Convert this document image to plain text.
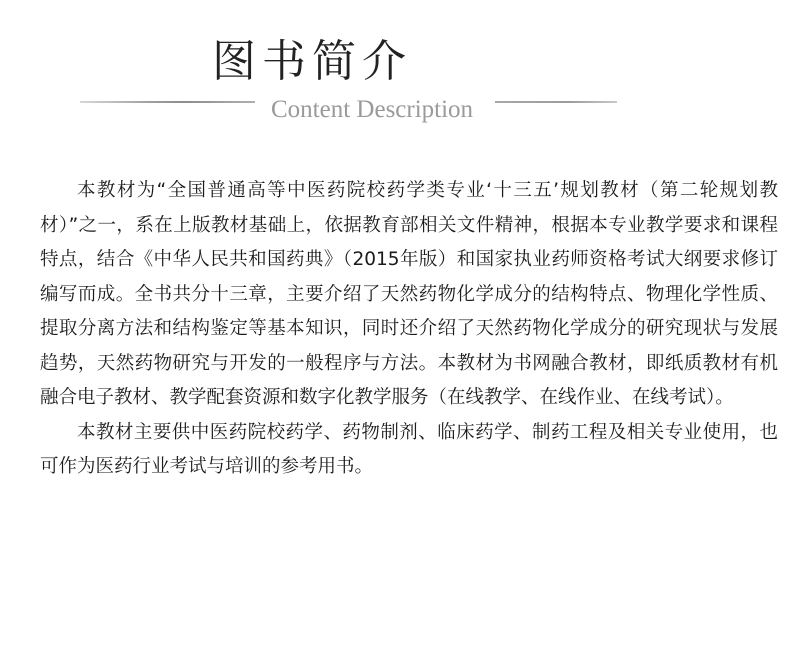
图书简介
Content Description

本教材为“全国普通高等中医药院校药学类专业‘十三五’规划教材（第二轮规划教材）”之一，系在上版教材基础上，依据教育部相关文件精神，根据本专业教学要求和课程特点，结合《中华人民共和国药典》（2015年版）和国家执业药师资格考试大纲要求修订编写而成。全书共分十三章，主要介绍了天然药物化学成分的结构特点、物理化学性质、提取分离方法和结构鉴定等基本知识，同时还介绍了天然药物化学成分的研究现状与发展趋势，天然药物研究与开发的一般程序与方法。本教材为书网融合教材，即纸质教材有机融合电子教材、教学配套资源和数字化教学服务（在线教学、在线作业、在线考试）。

本教材主要供中医药院校药学、药物制剂、临床药学、制药工程及相关专业使用，也可作为医药行业考试与培训的参考用书。
